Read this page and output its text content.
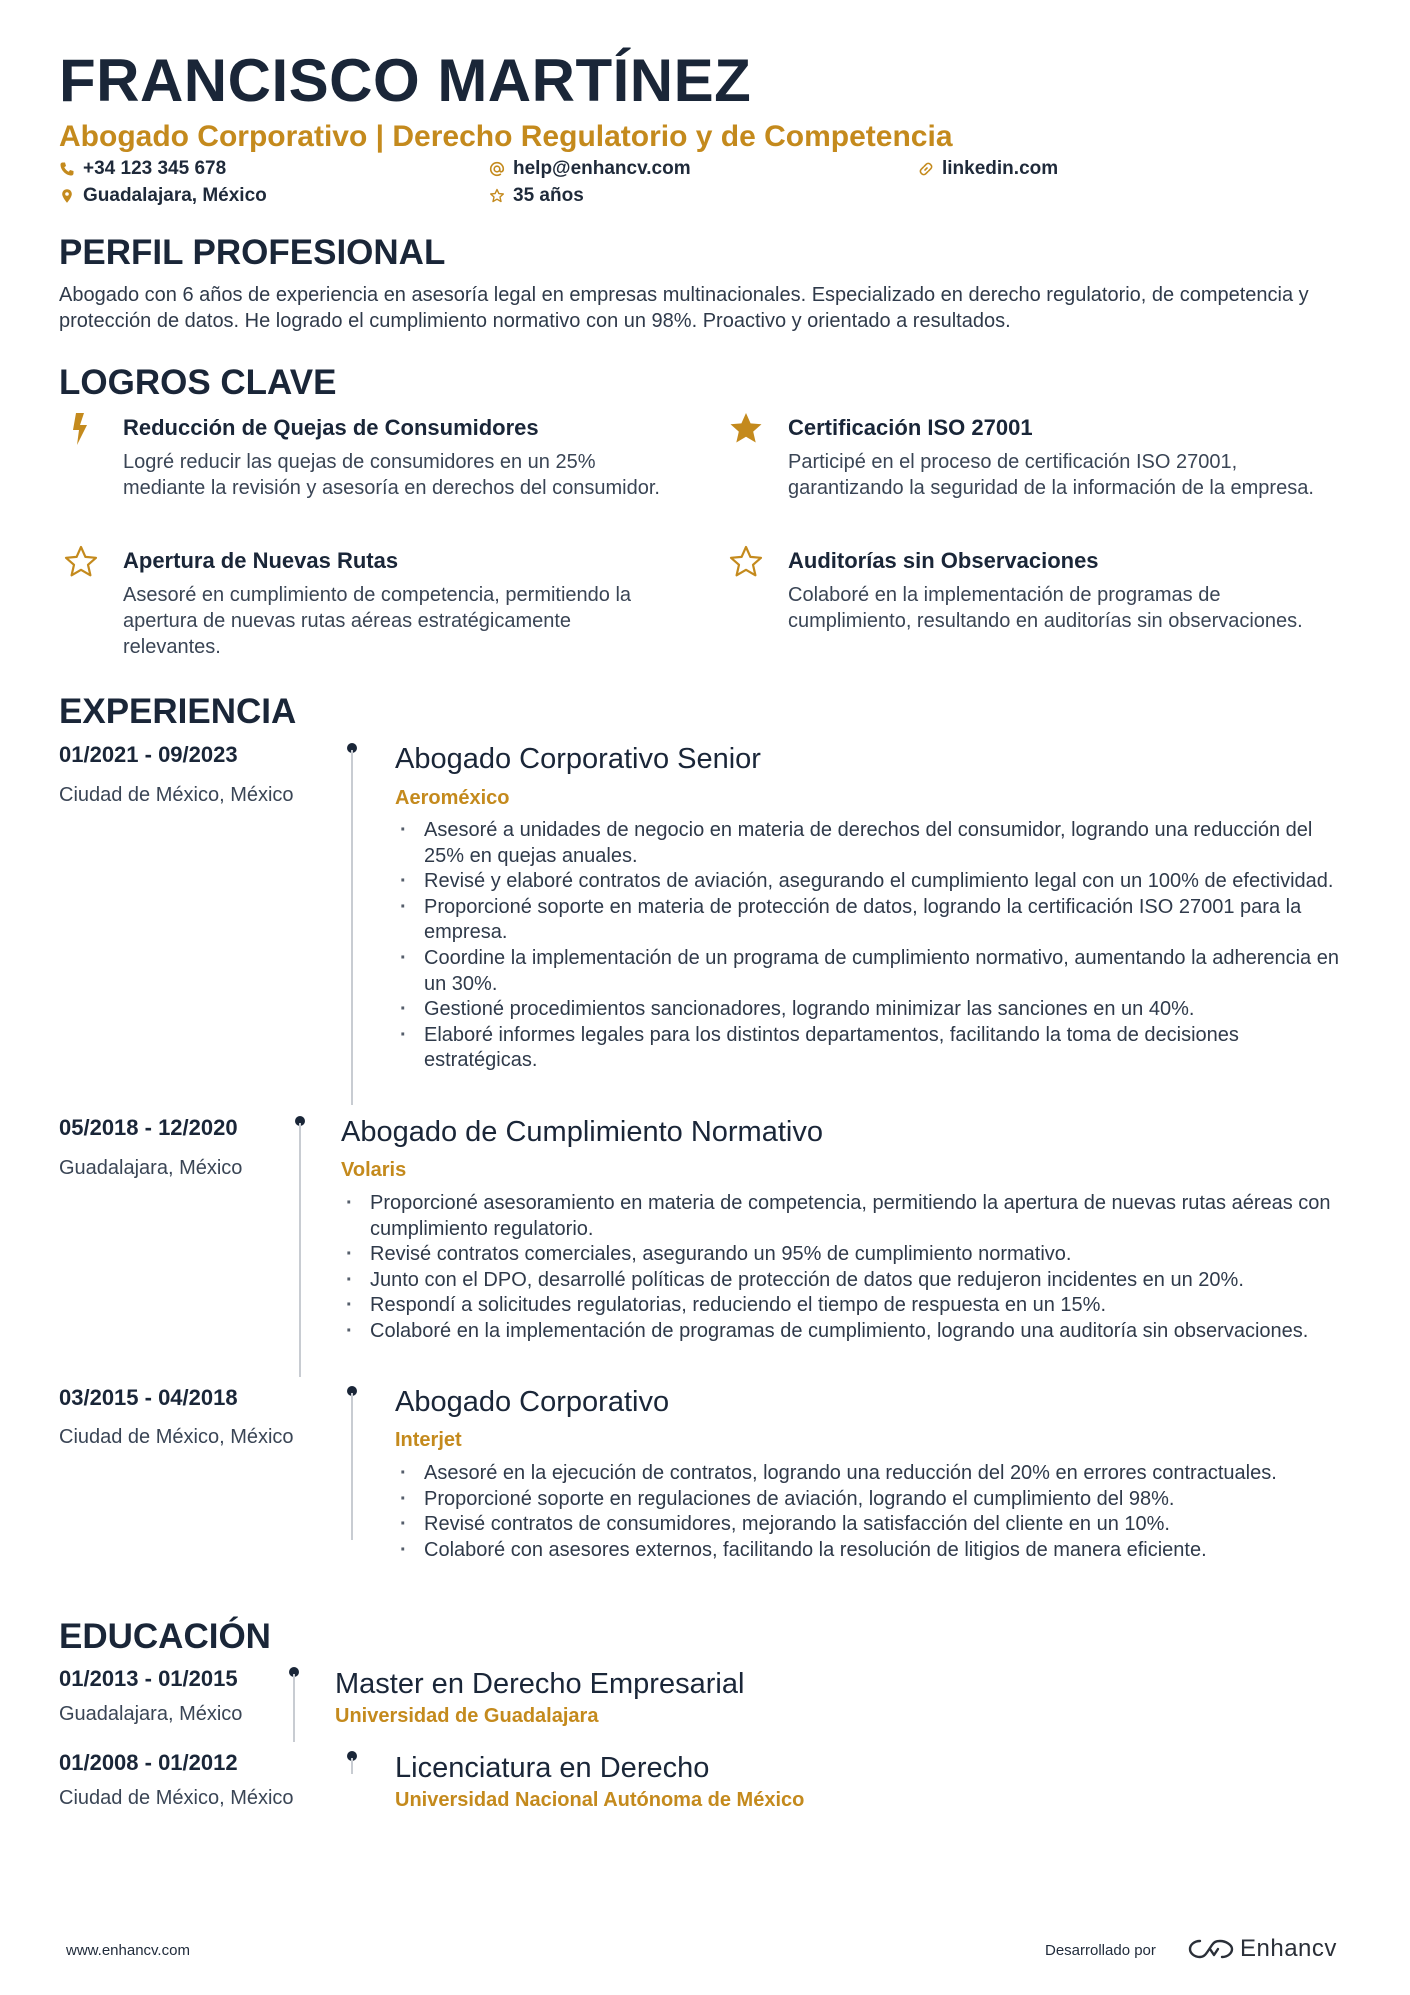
FRANCISCO MARTÍNEZ
Abogado Corporativo | Derecho Regulatorio y de Competencia
+34 123 345 678	help@enhancv.com	linkedin.com
Guadalajara, México	35 años
PERFIL PROFESIONAL
Abogado con 6 años de experiencia en asesoría legal en empresas multinacionales. Especializado en derecho regulatorio, de competencia y protección de datos. He logrado el cumplimiento normativo con un 98%. Proactivo y orientado a resultados.
LOGROS CLAVE
Reducción de Quejas de Consumidores
Logré reducir las quejas de consumidores en un 25% mediante la revisión y asesoría en derechos del consumidor.
Certificación ISO 27001
Participé en el proceso de certificación ISO 27001, garantizando la seguridad de la información de la empresa.
Apertura de Nuevas Rutas
Asesoré en cumplimiento de competencia, permitiendo la apertura de nuevas rutas aéreas estratégicamente relevantes.
Auditorías sin Observaciones
Colaboré en la implementación de programas de cumplimiento, resultando en auditorías sin observaciones.
EXPERIENCIA
01/2021 - 09/2023
Ciudad de México, México
Abogado Corporativo Senior
Aeroméxico
· Asesoré a unidades de negocio en materia de derechos del consumidor, logrando una reducción del 25% en quejas anuales.
· Revisé y elaboré contratos de aviación, asegurando el cumplimiento legal con un 100% de efectividad.
· Proporcioné soporte en materia de protección de datos, logrando la certificación ISO 27001 para la empresa.
· Coordine la implementación de un programa de cumplimiento normativo, aumentando la adherencia en un 30%.
· Gestioné procedimientos sancionadores, logrando minimizar las sanciones en un 40%.
· Elaboré informes legales para los distintos departamentos, facilitando la toma de decisiones estratégicas.
05/2018 - 12/2020
Guadalajara, México
Abogado de Cumplimiento Normativo
Volaris
· Proporcioné asesoramiento en materia de competencia, permitiendo la apertura de nuevas rutas aéreas con cumplimiento regulatorio.
· Revisé contratos comerciales, asegurando un 95% de cumplimiento normativo.
· Junto con el DPO, desarrollé políticas de protección de datos que redujeron incidentes en un 20%.
· Respondí a solicitudes regulatorias, reduciendo el tiempo de respuesta en un 15%.
· Colaboré en la implementación de programas de cumplimiento, logrando una auditoría sin observaciones.
03/2015 - 04/2018
Ciudad de México, México
Abogado Corporativo
Interjet
· Asesoré en la ejecución de contratos, logrando una reducción del 20% en errores contractuales.
· Proporcioné soporte en regulaciones de aviación, logrando el cumplimiento del 98%.
· Revisé contratos de consumidores, mejorando la satisfacción del cliente en un 10%.
· Colaboré con asesores externos, facilitando la resolución de litigios de manera eficiente.
EDUCACIÓN
01/2013 - 01/2015
Guadalajara, México
Master en Derecho Empresarial
Universidad de Guadalajara
01/2008 - 01/2012
Ciudad de México, México
Licenciatura en Derecho
Universidad Nacional Autónoma de México
www.enhancv.com	Desarrollado por	Enhancv
